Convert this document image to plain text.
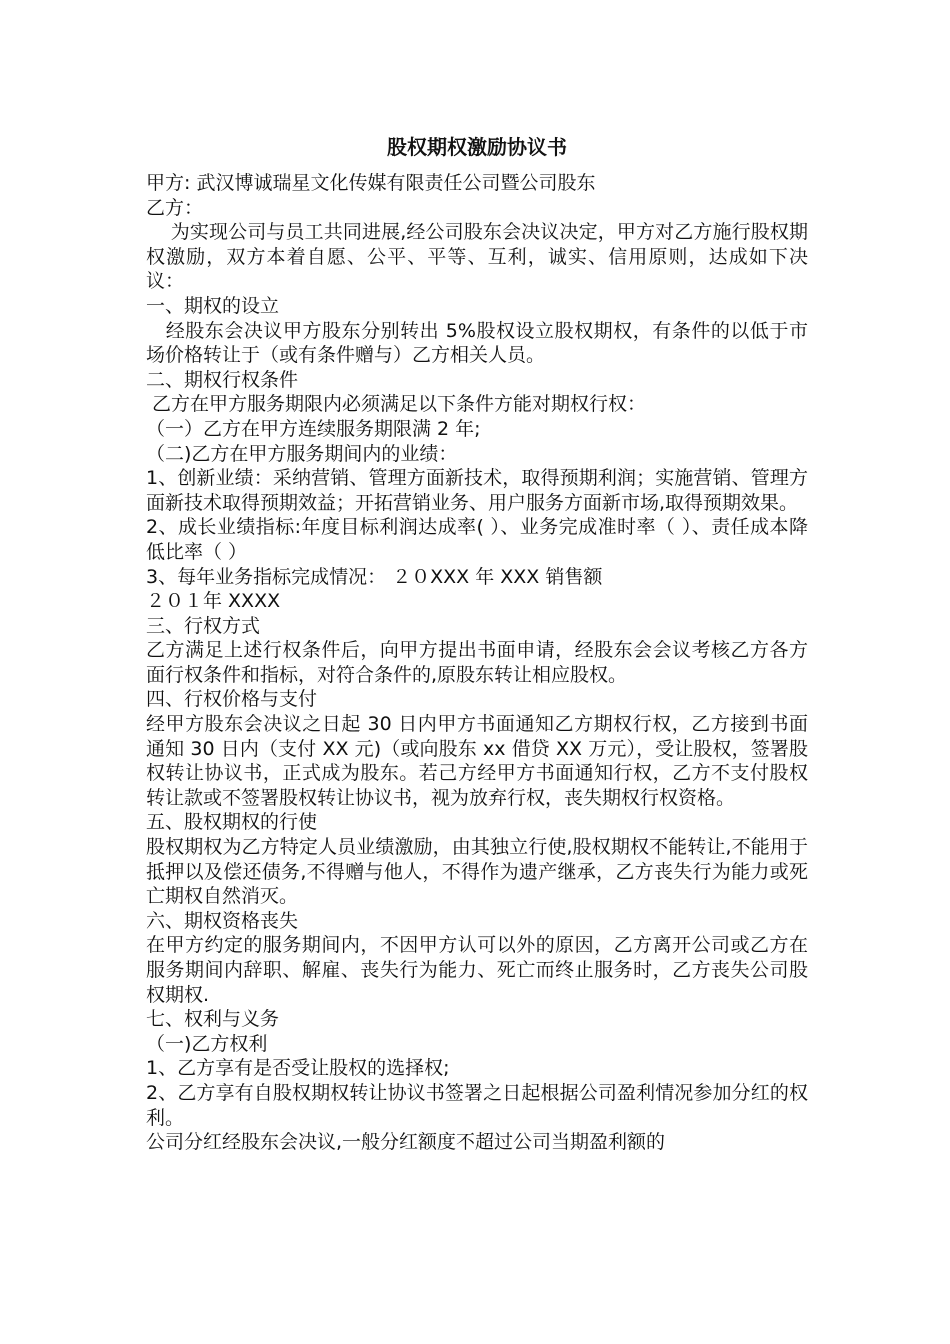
股权期权激励协议书

甲方: 武汉博诚瑞星文化传媒有限责任公司暨公司股东

乙方：

为实现公司与员工共同进展,经公司股东会决议决定，甲方对乙方施行股权期权激励，双方本着自愿、公平、平等、互利，诚实、信用原则，达成如下决议：

一、期权的设立

经股东会决议甲方股东分别转出 5%股权设立股权期权，有条件的以低于市场价格转让于（或有条件赠与）乙方相关人员。

二、期权行权条件

乙方在甲方服务期限内必须满足以下条件方能对期权行权：

（一）乙方在甲方连续服务期限满 2 年;

（二)乙方在甲方服务期间内的业绩：

1、创新业绩：采纳营销、管理方面新技术，取得预期利润；实施营销、管理方面新技术取得预期效益；开拓营销业务、用户服务方面新市场,取得预期效果。

2、成长业绩指标:年度目标利润达成率( ）、业务完成准时率（ ）、责任成本降低比率（ ）

3、每年业务指标完成情况： ２０XXX 年 XXX 销售额

２０１年 XXXX

三、行权方式

乙方满足上述行权条件后，向甲方提出书面申请，经股东会会议考核乙方各方面行权条件和指标，对符合条件的,原股东转让相应股权。

四、行权价格与支付

经甲方股东会决议之日起 30 日内甲方书面通知乙方期权行权，乙方接到书面通知 30 日内（支付 XX 元)（或向股东 xx 借贷 XX 万元），受让股权，签署股权转让协议书，正式成为股东。若己方经甲方书面通知行权，乙方不支付股权转让款或不签署股权转让协议书，视为放弃行权，丧失期权行权资格。

五、股权期权的行使

股权期权为乙方特定人员业绩激励，由其独立行使,股权期权不能转让,不能用于抵押以及偿还债务,不得赠与他人，不得作为遗产继承，乙方丧失行为能力或死亡期权自然消灭。

六、期权资格丧失

在甲方约定的服务期间内，不因甲方认可以外的原因，乙方离开公司或乙方在服务期间内辞职、解雇、丧失行为能力、死亡而终止服务时，乙方丧失公司股权期权.

七、权利与义务

（一)乙方权利

1、乙方享有是否受让股权的选择权;

2、乙方享有自股权期权转让协议书签署之日起根据公司盈利情况参加分红的权利。

公司分红经股东会决议,一般分红额度不超过公司当期盈利额的
